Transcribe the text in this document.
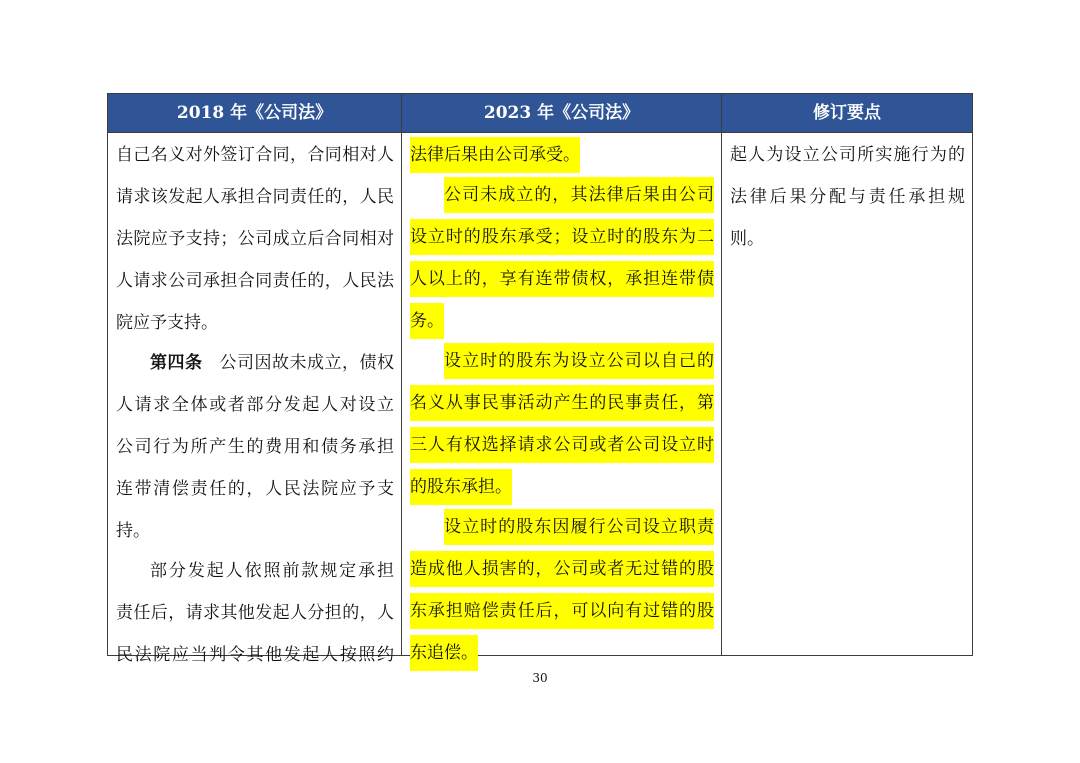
2018 年《公司法》	2023 年《公司法》	修订要点
自己名义对外签订合同，合同相对人
请求该发起人承担合同责任的，人民
法院应予支持；公司成立后合同相对
人请求公司承担合同责任的，人民法
院应予支持。
第四条 公司因故未成立，债权
人请求全体或者部分发起人对设立
公司行为所产生的费用和债务承担
连带清偿责任的，人民法院应予支
持。
部分发起人依照前款规定承担
责任后，请求其他发起人分担的，人
民法院应当判令其他发起人按照约
法律后果由公司承受。
公司未成立的，其法律后果由公司
设立时的股东承受；设立时的股东为二
人以上的，享有连带债权，承担连带债
务。
设立时的股东为设立公司以自己的
名义从事民事活动产生的民事责任，第
三人有权选择请求公司或者公司设立时
的股东承担。
设立时的股东因履行公司设立职责
造成他人损害的，公司或者无过错的股
东承担赔偿责任后，可以向有过错的股
东追偿。
起人为设立公司所实施行为的
法律后果分配与责任承担规
则。
30
